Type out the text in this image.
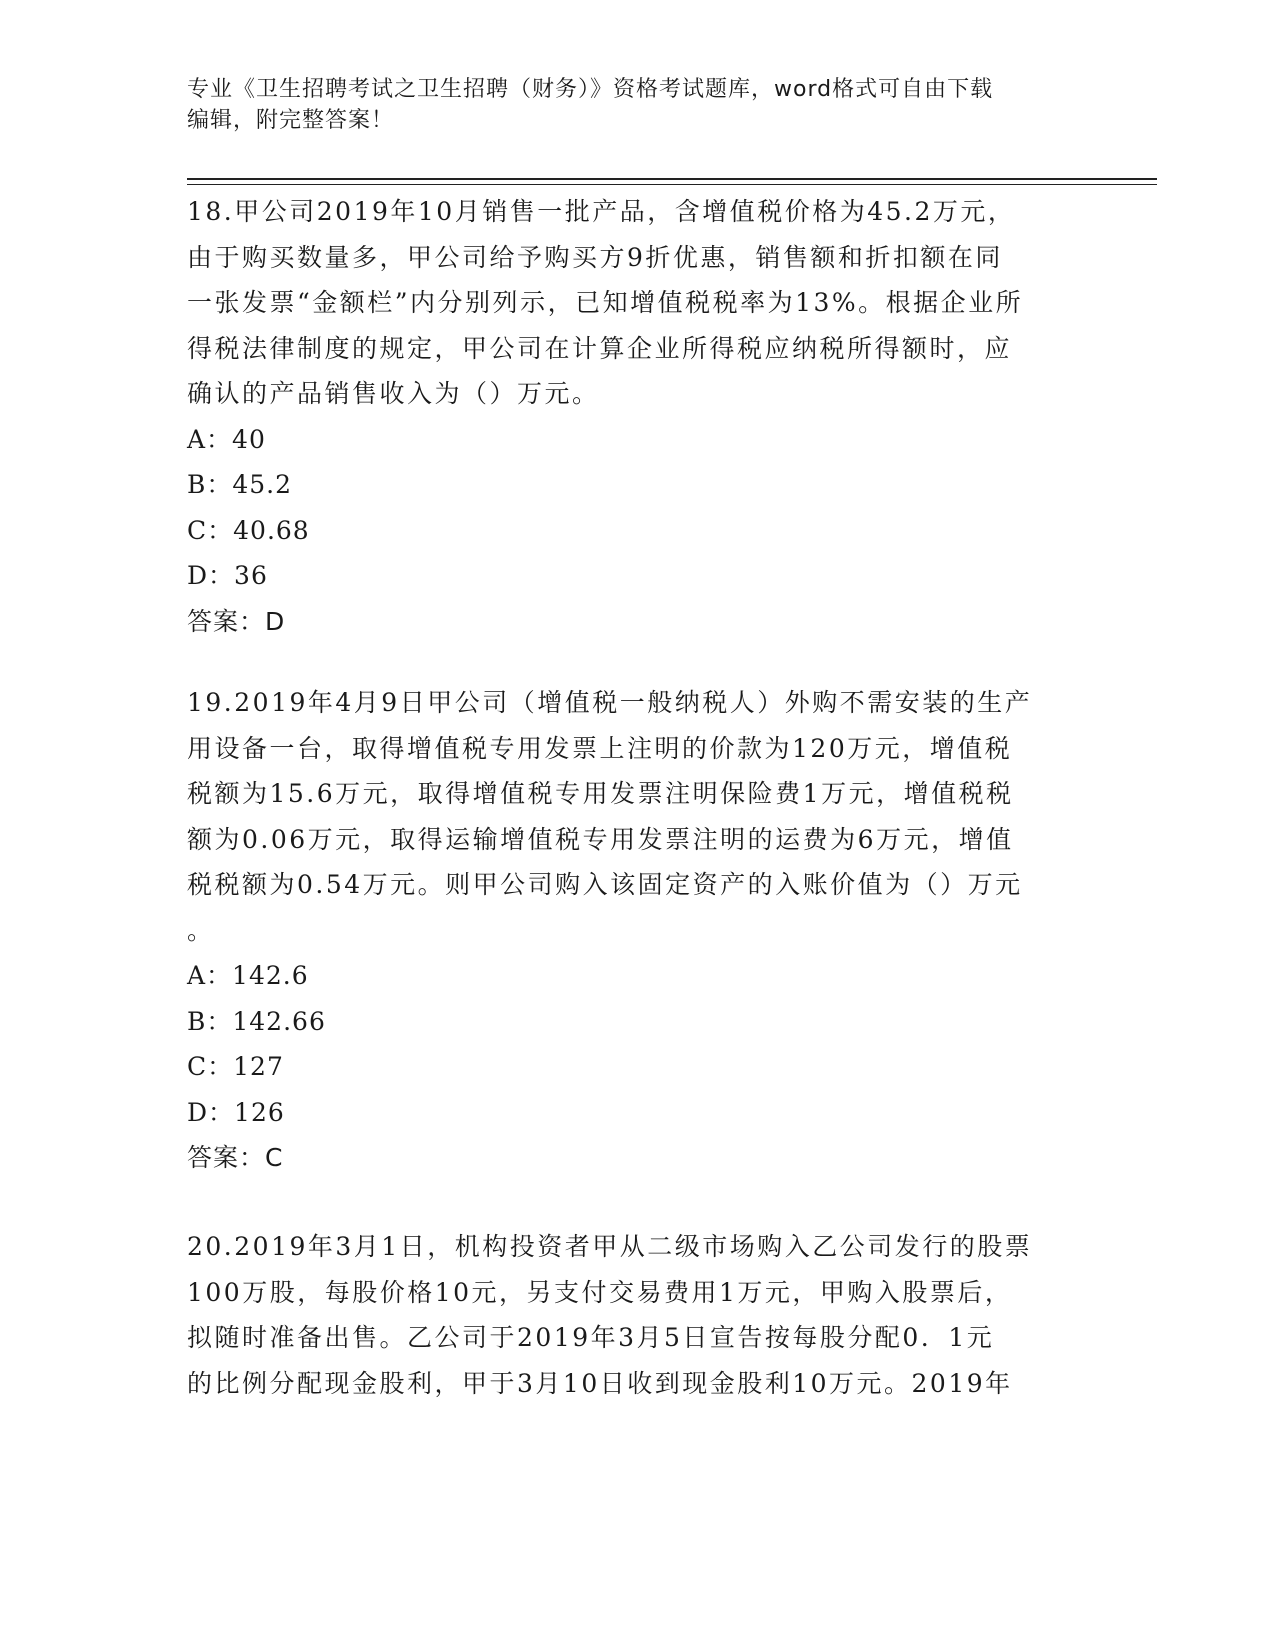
专业《卫生招聘考试之卫生招聘（财务）》资格考试题库，word格式可自由下载
编辑，附完整答案！

18.甲公司2019年10月销售一批产品，含增值税价格为45.2万元，

由于购买数量多，甲公司给予购买方9折优惠，销售额和折扣额在同

一张发票“金额栏”内分别列示，已知增值税税率为13%。根据企业所

得税法律制度的规定，甲公司在计算企业所得税应纳税所得额时，应

确认的产品销售收入为（）万元。

A：40

B：45.2

C：40.68

D：36

答案：D

19.2019年4月9日甲公司（增值税一般纳税人）外购不需安装的生产

用设备一台，取得增值税专用发票上注明的价款为120万元，增值税

税额为15.6万元，取得增值税专用发票注明保险费1万元，增值税税

额为0.06万元，取得运输增值税专用发票注明的运费为6万元，增值

税税额为0.54万元。则甲公司购入该固定资产的入账价值为（）万元

。

A：142.6

B：142.66

C：127

D：126

答案：C

20.2019年3月1日，机构投资者甲从二级市场购入乙公司发行的股票

100万股，每股价格10元，另支付交易费用1万元，甲购入股票后，

拟随时准备出售。乙公司于2019年3月5日宣告按每股分配0．1元

的比例分配现金股利，甲于3月10日收到现金股利10万元。2019年
